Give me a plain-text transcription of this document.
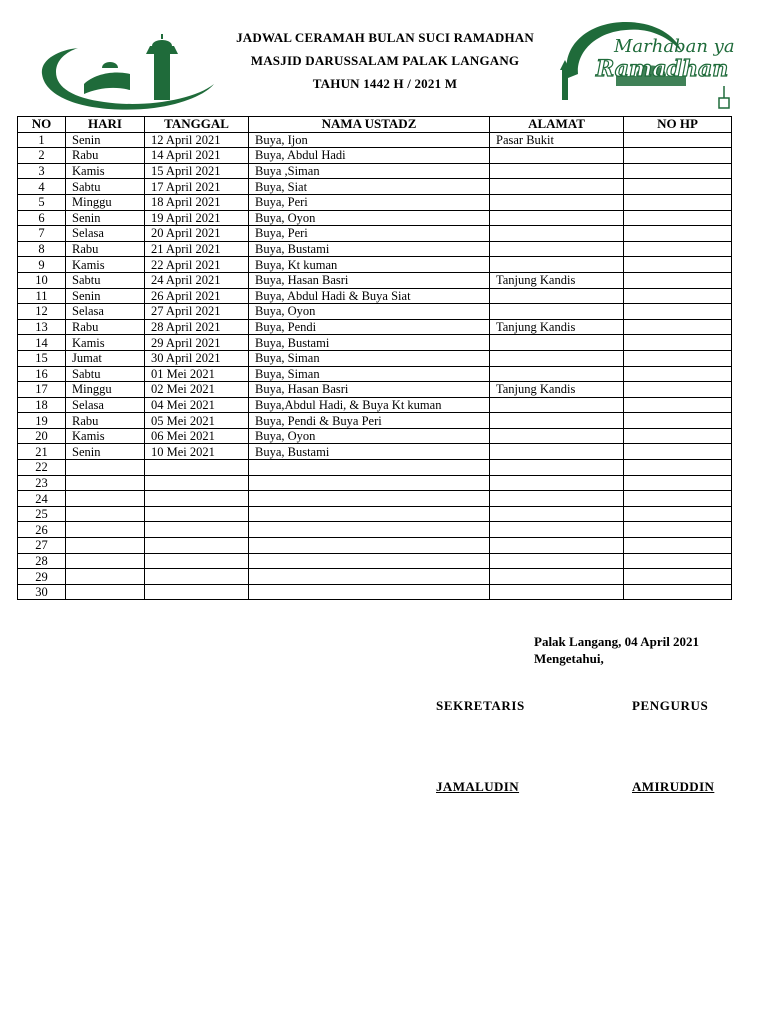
JADWAL CERAMAH BULAN SUCI RAMADHAN
MASJID DARUSSALAM PALAK LANGANG
TAHUN 1442 H / 2021 M
Marhaban ya
Ramadhan
NO	HARI	TANGGAL	NAMA USTADZ	ALAMAT	NO HP
1	Senin	12 April 2021	Buya, Ijon	Pasar Bukit	
2	Rabu	14 April 2021	Buya, Abdul Hadi		
3	Kamis	15 April 2021	Buya ,Siman		
4	Sabtu	17 April 2021	Buya, Siat		
5	Minggu	18 April 2021	Buya, Peri		
6	Senin	19 April 2021	Buya, Oyon		
7	Selasa	20 April 2021	Buya, Peri		
8	Rabu	21 April 2021	Buya, Bustami		
9	Kamis	22 April 2021	Buya, Kt kuman		
10	Sabtu	24 April 2021	Buya, Hasan Basri	Tanjung Kandis	
11	Senin	26 April 2021	Buya, Abdul Hadi & Buya Siat		
12	Selasa	27 April 2021	Buya, Oyon		
13	Rabu	28 April 2021	Buya, Pendi	Tanjung Kandis	
14	Kamis	29 April 2021	Buya, Bustami		
15	Jumat	30 April 2021	Buya, Siman		
16	Sabtu	01 Mei 2021	Buya, Siman		
17	Minggu	02 Mei 2021	Buya, Hasan Basri	Tanjung Kandis	
18	Selasa	04 Mei 2021	Buya,Abdul Hadi, & Buya Kt kuman		
19	Rabu	05 Mei 2021	Buya, Pendi & Buya Peri		
20	Kamis	06 Mei 2021	Buya, Oyon		
21	Senin	10 Mei 2021	Buya, Bustami		
22					
23					
24					
25					
26					
27					
28					
29					
30					
Palak Langang, 04 April 2021
Mengetahui,
SEKRETARIS	PENGURUS
JAMALUDIN	AMIRUDDIN
